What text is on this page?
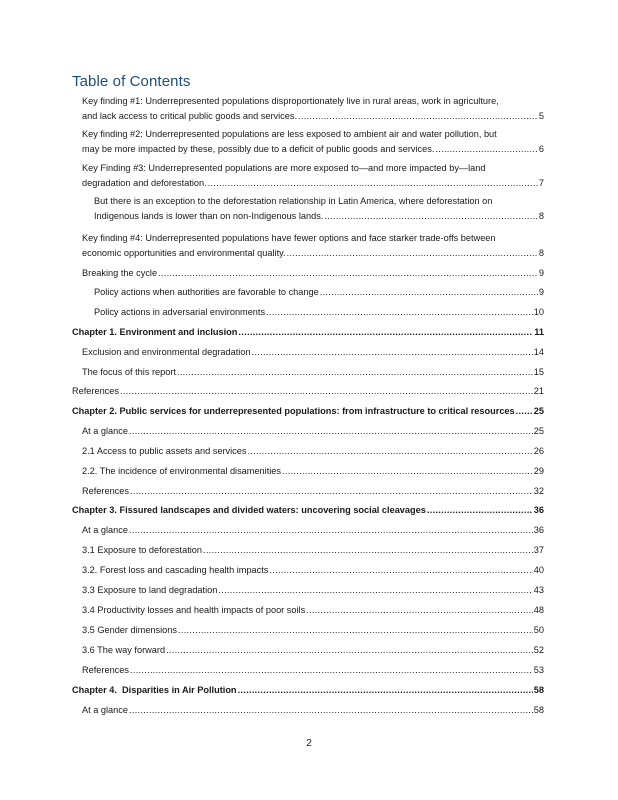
Table of Contents
Key finding #1: Underrepresented populations disproportionately live in rural areas, work in agriculture,
and lack access to critical public goods and services. .....	5
Key finding #2: Underrepresented populations are less exposed to ambient air and water pollution, but
may be more impacted by these, possibly due to a deficit of public goods and services. .....	6
Key Finding #3: Underrepresented populations are more exposed to—and more impacted by—land
degradation and deforestation. .....	7
But there is an exception to the deforestation relationship in Latin America, where deforestation on
Indigenous lands is lower than on non-Indigenous lands. .....	8
Key finding #4: Underrepresented populations have fewer options and face starker trade-offs between
economic opportunities and environmental quality. .....	8
Breaking the cycle .....	9
Policy actions when authorities are favorable to change .....	9
Policy actions in adversarial environments .....	10
Chapter 1. Environment and inclusion .....	11
Exclusion and environmental degradation .....	14
The focus of this report .....	15
References .....	21
Chapter 2. Public services for underrepresented populations: from infrastructure to critical resources ..... 25
At a glance .....	25
2.1 Access to public assets and services .....	26
2.2. The incidence of environmental disamenities .....	29
References .....	32
Chapter 3. Fissured landscapes and divided waters: uncovering social cleavages .....	36
At a glance .....	36
3.1 Exposure to deforestation .....	37
3.2. Forest loss and cascading health impacts .....	40
3.3 Exposure to land degradation .....	43
3.4 Productivity losses and health impacts of poor soils .....	48
3.5 Gender dimensions .....	50
3.6 The way forward .....	52
References .....	53
Chapter 4.  Disparities in Air Pollution .....	58
At a glance .....	58
2
